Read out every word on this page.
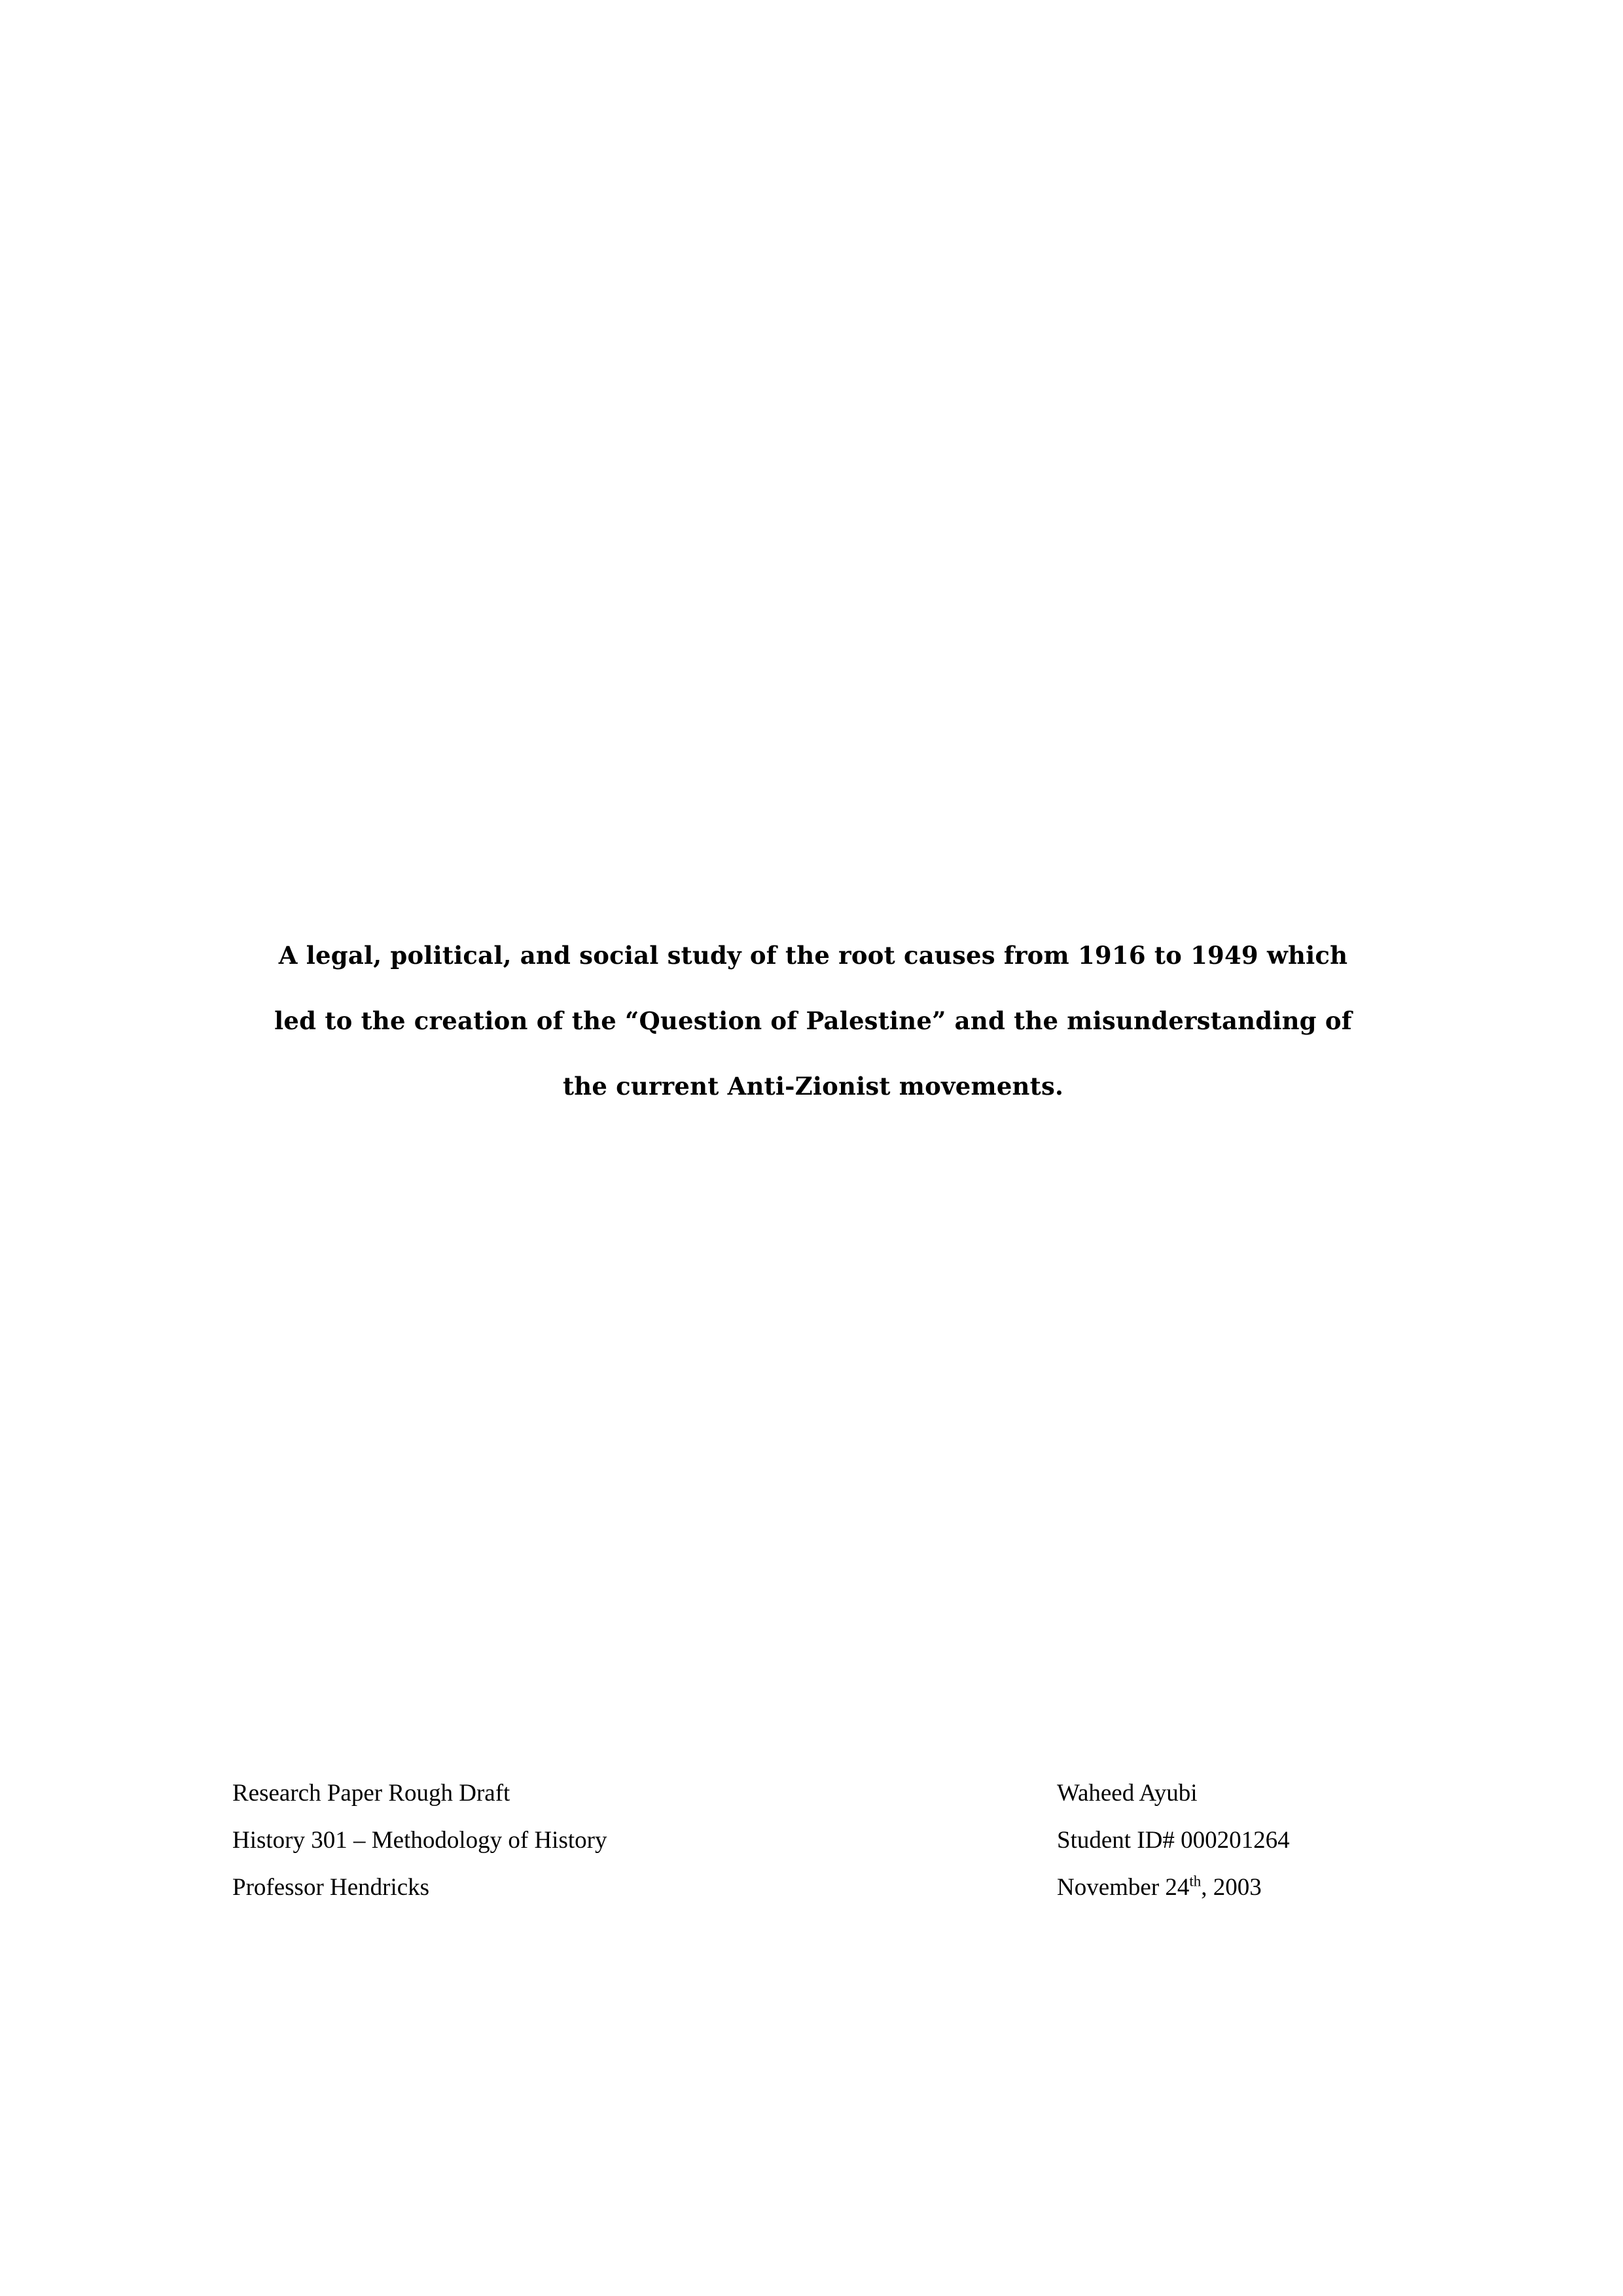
A legal, political, and social study of the root causes from 1916 to 1949 which
led to the creation of the “Question of Palestine” and the misunderstanding of
the current Anti-Zionist movements.
Research Paper Rough Draft	Waheed Ayubi
History 301 – Methodology of History	Student ID# 000201264
Professor Hendricks	November 24th, 2003
